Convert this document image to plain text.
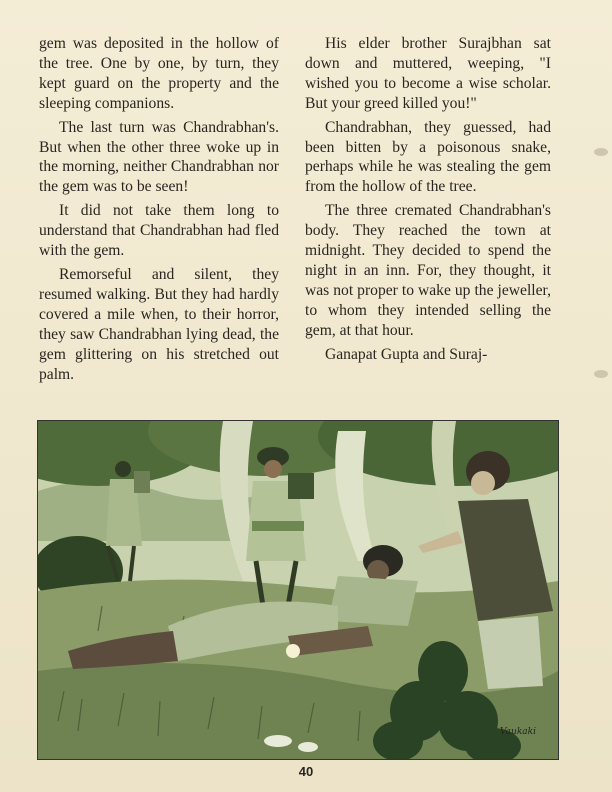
gem was deposited in the hollow of the tree. One by one, by turn, they kept guard on the property and the sleeping companions.

The last turn was Chandrabhan's. But when the other three woke up in the morning, neither Chandrabhan nor the gem was to be seen!

It did not take them long to understand that Chandrabhan had fled with the gem.

Remorseful and silent, they resumed walking. But they had hardly covered a mile when, to their horror, they saw Chandrabhan lying dead, the gem glittering on his stretched out palm.

His elder brother Surajbhan sat down and muttered, weeping, "I wished you to become a wise scholar. But your greed killed you!"

Chandrabhan, they guessed, had been bitten by a poisonous snake, perhaps while he was stealing the gem from the hollow of the tree.

The three cremated Chandrabhan's body. They reached the town at midnight. They decided to spend the night in an inn. For, they thought, it was not proper to wake up the jeweller, to whom they intended selling the gem, at that hour.

Ganapat Gupta and Suraj-

Vaukaki
40
